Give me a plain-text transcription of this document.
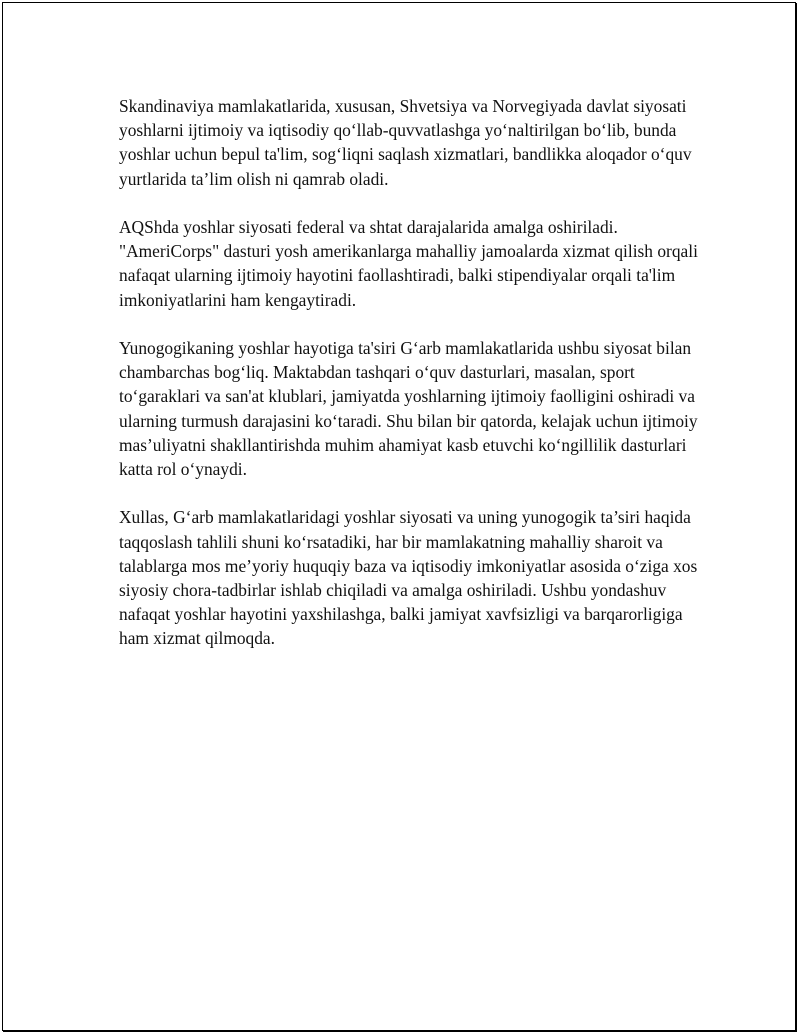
Skandinaviya mamlakatlarida, xususan, Shvetsiya va Norvegiyada davlat siyosati yoshlarni ijtimoiy va iqtisodiy qo‘llab-quvvatlashga yo‘naltirilgan bo‘lib, bunda yoshlar uchun bepul ta'lim, sog‘liqni saqlash xizmatlari, bandlikka aloqador o‘quv yurtlarida ta’lim olish ni qamrab oladi.

AQShda yoshlar siyosati federal va shtat darajalarida amalga oshiriladi. "AmeriCorps" dasturi yosh amerikanlarga mahalliy jamoalarda xizmat qilish orqali nafaqat ularning ijtimoiy hayotini faollashtiradi, balki stipendiyalar orqali ta'lim imkoniyatlarini ham kengaytiradi.

Yunogogikaning yoshlar hayotiga ta'siri G‘arb mamlakatlarida ushbu siyosat bilan chambarchas bog‘liq. Maktabdan tashqari o‘quv dasturlari, masalan, sport to‘garaklari va san'at klublari, jamiyatda yoshlarning ijtimoiy faolligini oshiradi va ularning turmush darajasini ko‘taradi. Shu bilan bir qatorda, kelajak uchun ijtimoiy mas’uliyatni shakllantirishda muhim ahamiyat kasb etuvchi ko‘ngillilik dasturlari katta rol o‘ynaydi.

Xullas, G‘arb mamlakatlaridagi yoshlar siyosati va uning yunogogik ta’siri haqida taqqoslash tahlili shuni ko‘rsatadiki, har bir mamlakatning mahalliy sharoit va talablarga mos me’yoriy huquqiy baza va iqtisodiy imkoniyatlar asosida o‘ziga xos siyosiy chora-tadbirlar ishlab chiqiladi va amalga oshiriladi. Ushbu yondashuv nafaqat yoshlar hayotini yaxshilashga, balki jamiyat xavfsizligi va barqarorligiga ham xizmat qilmoqda.
